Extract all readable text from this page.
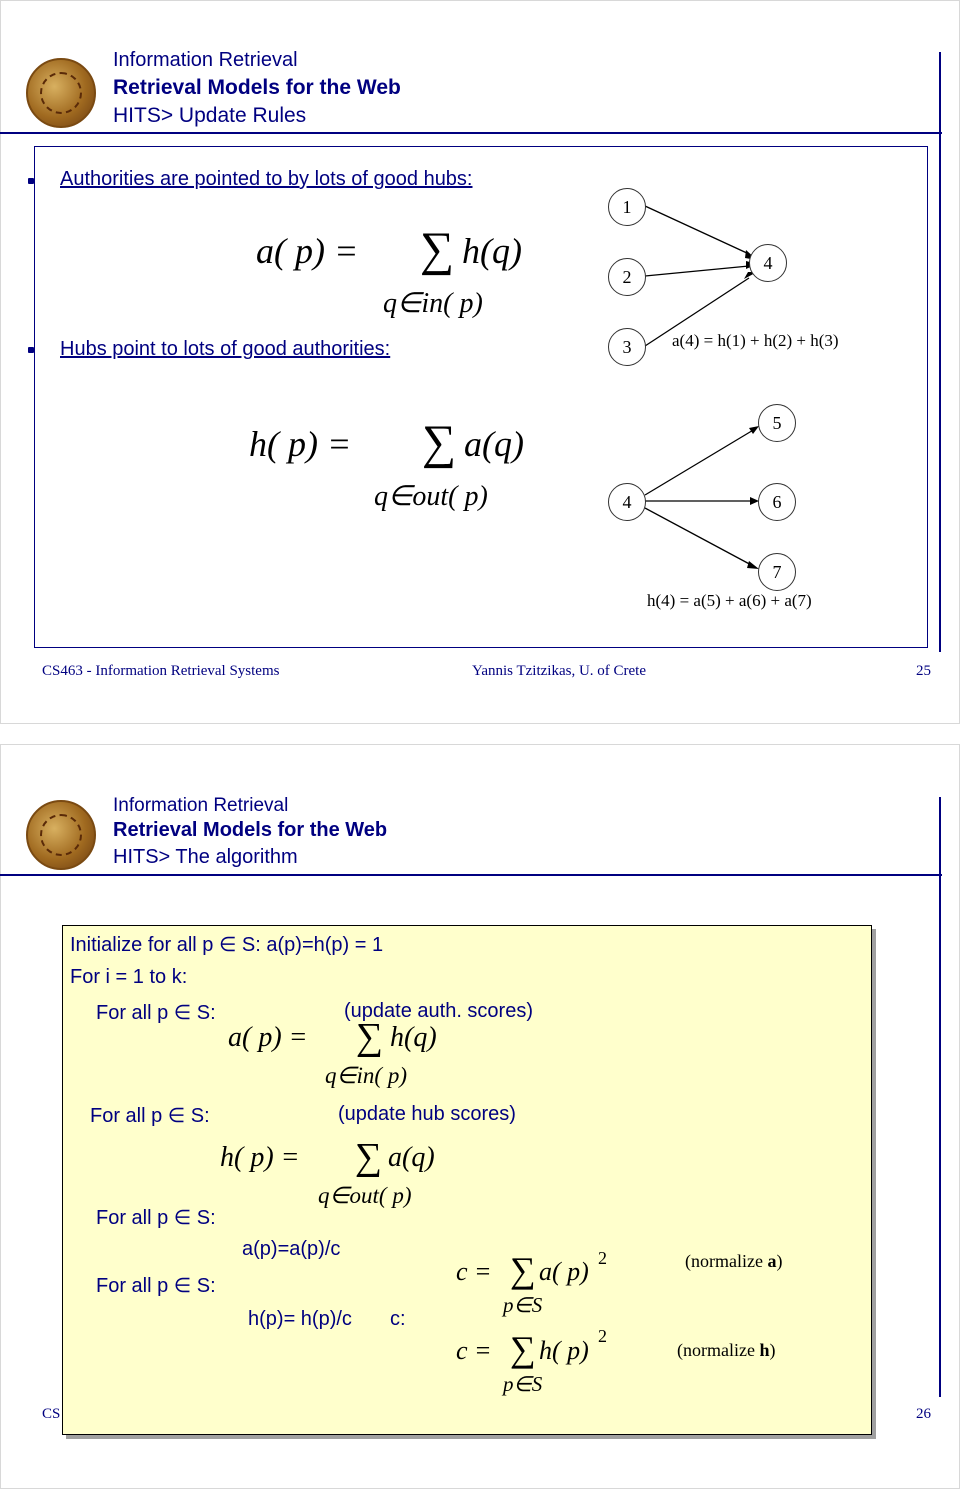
Information Retrieval
Retrieval Models for the Web
HITS> Update Rules
Authorities are pointed to by lots of good hubs:
a( p) = ∑ h(q)
q∈in( p)
Hubs point to lots of good authorities:
h( p) = ∑ a(q)
q∈out( p)
1
2
3
4
a(4) = h(1) + h(2) + h(3)
4
5
6
7
h(4) = a(5) + a(6) + a(7)
CS463 - Information Retrieval Systems	Yannis Tzitzikas, U. of Crete	25
Information Retrieval
Retrieval Models for the Web
HITS> The algorithm
CS	26
Initialize for all p ∈ S: a(p)=h(p) = 1
For i = 1 to k:
For all p ∈ S:	(update auth. scores)
a( p) = ∑ h(q)
q∈in( p)
For all p ∈ S:	(update hub scores)
h( p) = ∑ a(q)
q∈out( p)
For all p ∈ S:
a(p)=a(p)/c
For all p ∈ S:
h(p)= h(p)/c c:
c = ∑ a( p) 2
p∈S
(normalize a)
c = ∑ h( p) 2
p∈S
(normalize h)
